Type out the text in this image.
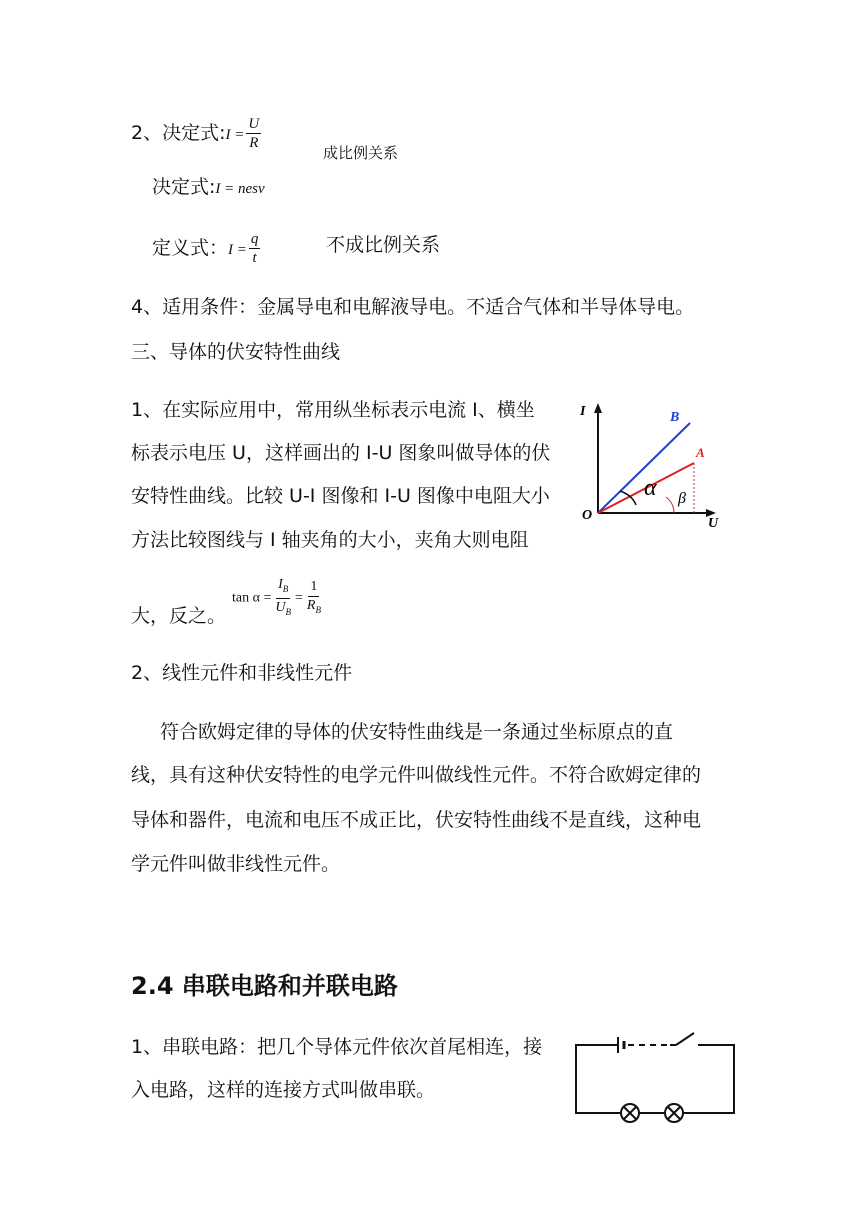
2、决定式:I = $\frac{U}{R}$
成比例关系
决定式:I = nesv
定义式：$I = \frac{q}{t}$	不成比例关系
4、适用条件：金属导电和电解液导电。不适合气体和半导体导电。
三、导体的伏安特性曲线
1、在实际应用中，常用纵坐标表示电流 I、横坐
标表示电压 U，这样画出的 I-U 图象叫做导体的伏
安特性曲线。比较 U-I 图像和 I-U 图像中电阻大小
方法比较图线与 I 轴夹角的大小，夹角大则电阻
大，反之。
$\tan \alpha = \frac{I_B}{U_B} = \frac{1}{R_B}$
I
U
O
B
A
α β
2、线性元件和非线性元件
符合欧姆定律的导体的伏安特性曲线是一条通过坐标原点的直
线，具有这种伏安特性的电学元件叫做线性元件。不符合欧姆定律的
导体和器件，电流和电压不成正比，伏安特性曲线不是直线，这种电
学元件叫做非线性元件。
2.4 串联电路和并联电路
1、串联电路：把几个导体元件依次首尾相连，接
入电路，这样的连接方式叫做串联。
